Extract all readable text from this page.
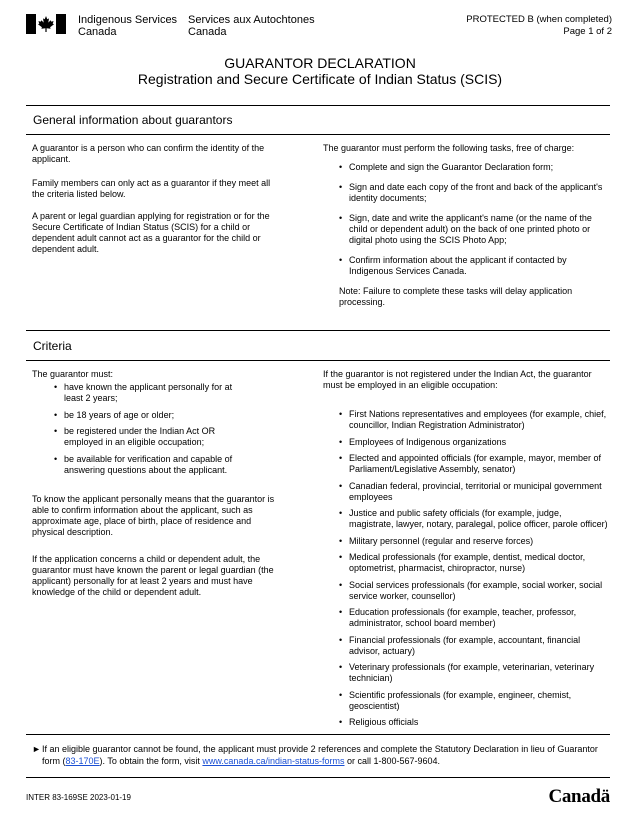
Indigenous Services
Canada
Services aux Autochtones
Canada
PROTECTED B (when completed)
Page 1 of 2
GUARANTOR DECLARATION
Registration and Secure Certificate of Indian Status (SCIS)
General information about guarantors

A guarantor is a person who can confirm the identity of the applicant.

Family members can only act as a guarantor if they meet all the criteria listed below.

A parent or legal guardian applying for registration or for the Secure Certificate of Indian Status (SCIS) for a child or dependent adult cannot act as a guarantor for the child or dependent adult.

The guarantor must perform the following tasks, free of charge:

• Complete and sign the Guarantor Declaration form;
• Sign and date each copy of the front and back of the applicant's identity documents;
• Sign, date and write the applicant's name (or the name of the child or dependent adult) on the back of one printed photo or digital photo using the SCIS Photo App;
• Confirm information about the applicant if contacted by Indigenous Services Canada.

Note: Failure to complete these tasks will delay application processing.

Criteria

The guarantor must:

• have known the applicant personally for at least 2 years;
• be 18 years of age or older;
• be registered under the Indian Act OR employed in an eligible occupation;
• be available for verification and capable of answering questions about the applicant.

To know the applicant personally means that the guarantor is able to confirm information about the applicant, such as approximate age, place of birth, place of residence and physical description.

If the application concerns a child or dependent adult, the guarantor must have known the parent or legal guardian (the applicant) personally for at least 2 years and must have knowledge of the child or dependent adult.

If the guarantor is not registered under the Indian Act, the guarantor must be employed in an eligible occupation:

• First Nations representatives and employees (for example, chief, councillor, Indian Registration Administrator)
• Employees of Indigenous organizations
• Elected and appointed officials (for example, mayor, member of Parliament/Legislative Assembly, senator)
• Canadian federal, provincial, territorial or municipal government employees
• Justice and public safety officials (for example, judge, magistrate, lawyer, notary, paralegal, police officer, parole officer)
• Military personnel (regular and reserve forces)
• Medical professionals (for example, dentist, medical doctor, optometrist, pharmacist, chiropractor, nurse)
• Social services professionals (for example, social worker, social service worker, counsellor)
• Education professionals (for example, teacher, professor, administrator, school board member)
• Financial professionals (for example, accountant, financial advisor, actuary)
• Veterinary professionals (for example, veterinarian, veterinary technician)
• Scientific professionals (for example, engineer, chemist, geoscientist)
• Religious officials
► If an eligible guarantor cannot be found, the applicant must provide 2 references and complete the Statutory Declaration in lieu of Guarantor form (83-170E). To obtain the form, visit www.canada.ca/indian-status-forms or call 1-800-567-9604.
INTER 83-169SE 2023-01-19	Canadä
